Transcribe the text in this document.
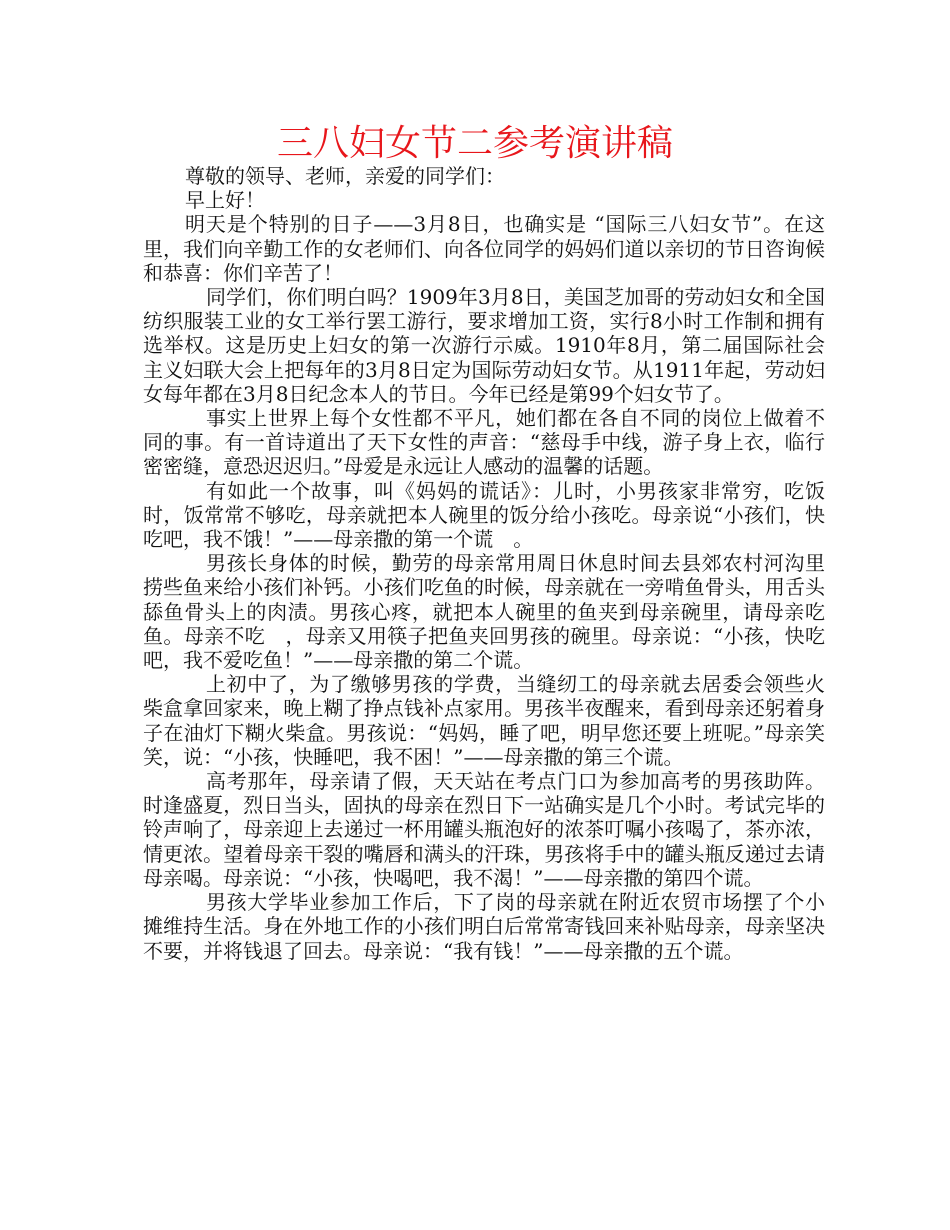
三八妇女节二参考演讲稿

尊敬的领导、老师，亲爱的同学们：

早上好！

明天是个特别的日子——3月8日，也确实是 “国际三八妇女节”。在这里，我们向辛勤工作的女老师们、向各位同学的妈妈们道以亲切的节日咨询候和恭喜：你们辛苦了！

同学们，你们明白吗？1909年3月8日，美国芝加哥的劳动妇女和全国纺织服装工业的女工举行罢工游行，要求增加工资，实行8小时工作制和拥有选举权。这是历史上妇女的第一次游行示威。1910年8月，第二届国际社会主义妇联大会上把每年的3月8日定为国际劳动妇女节。从1911年起，劳动妇女每年都在3月8日纪念本人的节日。今年已经是第99个妇女节了。

事实上世界上每个女性都不平凡，她们都在各自不同的岗位上做着不同的事。有一首诗道出了天下女性的声音：“慈母手中线，游子身上衣，临行密密缝，意恐迟迟归。”母爱是永远让人感动的温馨的话题。

有如此一个故事，叫《妈妈的谎话》：儿时，小男孩家非常穷，吃饭时，饭常常不够吃，母亲就把本人碗里的饭分给小孩吃。母亲说“小孩们，快吃吧，我不饿！”——母亲撒的第一个谎　。

男孩长身体的时候，勤劳的母亲常用周日休息时间去县郊农村河沟里捞些鱼来给小孩们补钙。小孩们吃鱼的时候，母亲就在一旁啃鱼骨头，用舌头舔鱼骨头上的肉渍。男孩心疼，就把本人碗里的鱼夹到母亲碗里，请母亲吃鱼。母亲不吃　，母亲又用筷子把鱼夹回男孩的碗里。母亲说：“小孩，快吃吧，我不爱吃鱼！”——母亲撒的第二个谎。

上初中了，为了缴够男孩的学费，当缝纫工的母亲就去居委会领些火柴盒拿回家来，晚上糊了挣点钱补点家用。男孩半夜醒来，看到母亲还躬着身子在油灯下糊火柴盒。男孩说：“妈妈，睡了吧，明早您还要上班呢。”母亲笑笑，说：“小孩，快睡吧，我不困！”——母亲撒的第三个谎。

高考那年，母亲请了假，天天站在考点门口为参加高考的男孩助阵。时逢盛夏，烈日当头，固执的母亲在烈日下一站确实是几个小时。考试完毕的铃声响了，母亲迎上去递过一杯用罐头瓶泡好的浓茶叮嘱小孩喝了，茶亦浓，情更浓。望着母亲干裂的嘴唇和满头的汗珠，男孩将手中的罐头瓶反递过去请母亲喝。母亲说：“小孩，快喝吧，我不渴！”——母亲撒的第四个谎。

男孩大学毕业参加工作后，下了岗的母亲就在附近农贸市场摆了个小摊维持生活。身在外地工作的小孩们明白后常常寄钱回来补贴母亲，母亲坚决不要，并将钱退了回去。母亲说：“我有钱！”——母亲撒的五个谎。
